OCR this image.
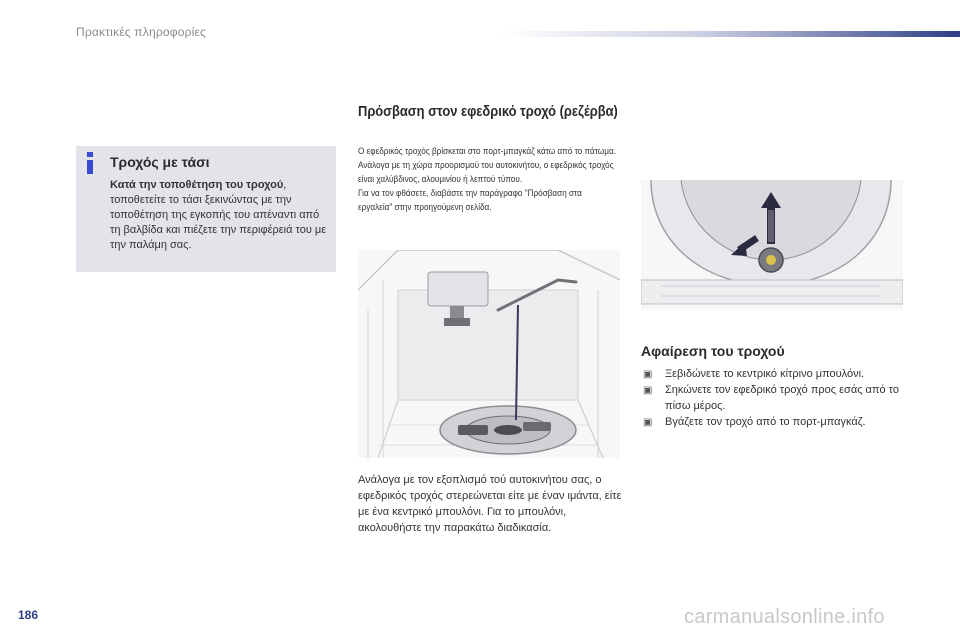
Πρακτικές πληροφορίες
Τροχός με τάσι
Κατά την τοποθέτηση του τροχού, τοποθετείτε το τάσι ξεκινώντας με την τοποθέτηση της εγκοπής του απέναντι από τη βαλβίδα και πιέζετε την περιφέρειά του με την παλάμη σας.
Πρόσβαση στον εφεδρικό τροχό (ρεζέρβα)

Ο εφεδρικός τροχός βρίσκεται στο πορτ-μπαγκάζ κάτω από το πάτωμα.

Ανάλογα με τη χώρα προορισμού του αυτοκινήτου, ο εφεδρικός τροχός είναι χαλύβδινος, αλουμινίου ή λεπτού τύπου.

Για να τον φθάσετε, διαβάστε την παράγραφο "Πρόσβαση στα εργαλεία" στην προηγούμενη σελίδα.

Ανάλογα με τον εξοπλισμό τού αυτοκινήτου σας, ο εφεδρικός τροχός στερεώνεται είτε με έναν ιμάντα, είτε με ένα κεντρικό μπουλόνι. Για το μπουλόνι, ακολουθήστε την παρακάτω διαδικασία.
Αφαίρεση του τροχού
▣ Ξεβιδώνετε το κεντρικό κίτρινο μπουλόνι.
▣ Σηκώνετε τον εφεδρικό τροχό προς εσάς από το πίσω μέρος.
▣ Βγάζετε τον τροχό από το πορτ-μπαγκάζ.
186	carmanualsonline.info
